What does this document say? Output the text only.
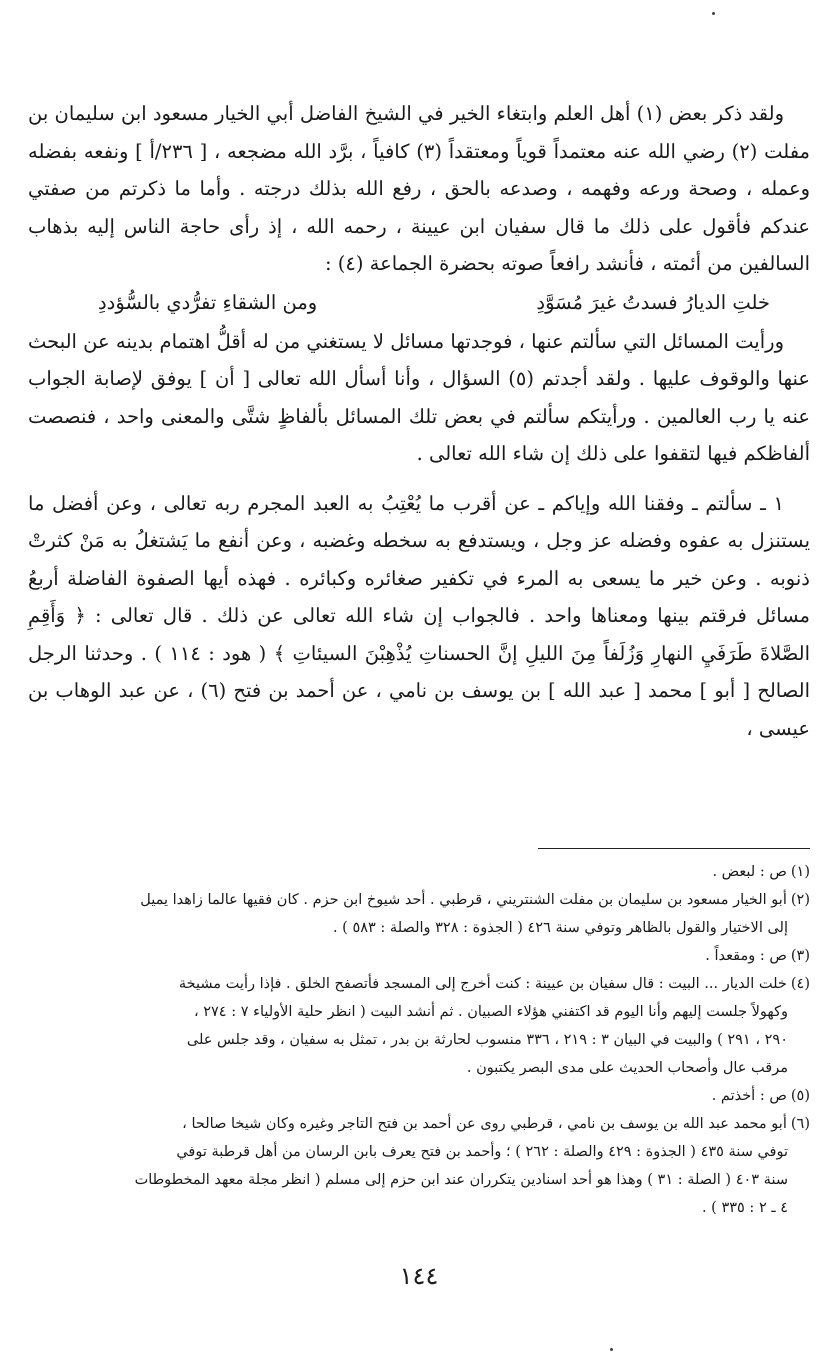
ولقد ذكر بعض (١) أهل العلم وابتغاء الخير في الشيخ الفاضل أبي الخيار مسعود ابن سليمان بن مفلت (٢) رضي الله عنه معتمداً قوياً ومعتقداً (٣) كافياً ، برَّد الله مضجعه ، [ ٢٣٦/أ ] ونفعه بفضله وعمله ، وصحة ورعه وفهمه ، وصدعه بالحق ، رفع الله بذلك درجته . وأما ما ذكرتم من صفتي عندكم فأقول على ذلك ما قال سفيان ابن عيينة ، رحمه الله ، إذ رأى حاجة الناس إليه بذهاب السالفين من أئمته ، فأنشد رافعاً صوته بحضرة الجماعة (٤) :

خلتِ الديارُ فسدتُ غيرَ مُسَوَّدِ
ومن الشقاءِ تفرُّدي بالسُّؤددِ

ورأيت المسائل التي سألتم عنها ، فوجدتها مسائل لا يستغني من له أقلُّ اهتمام بدينه عن البحث عنها والوقوف عليها . ولقد أجدتم (٥) السؤال ، وأنا أسأل الله تعالى [ أن ] يوفق لإصابة الجواب عنه يا رب العالمين . ورأيتكم سألتم في بعض تلك المسائل بألفاظٍ شتَّى والمعنى واحد ، فنصصت ألفاظكم فيها لتقفوا على ذلك إن شاء الله تعالى .

١ ـ سألتم ـ وفقنا الله وإياكم ـ عن أقرب ما يُعْتِبُ به العبد المجرم ربه تعالى ، وعن أفضل ما يستنزل به عفوه وفضله عز وجل ، ويستدفع به سخطه وغضبه ، وعن أنفع ما يَشتغلُ به مَنْ كثرتْ ذنوبه . وعن خير ما يسعى به المرء في تكفير صغائره وكبائره . فهذه أيها الصفوة الفاضلة أربعُ مسائل فرقتم بينها ومعناها واحد . فالجواب إن شاء الله تعالى عن ذلك . قال تعالى : ﴿ وَأَقِمِ الصَّلاةَ طَرَفَيِ النهارِ وَزُلَفاً مِنَ الليلِ إنَّ الحسناتِ يُذْهِبْنَ السيئاتِ ﴾ ( هود : ١١٤ ) . وحدثنا الرجل الصالح [ أبو ] محمد [ عبد الله ] بن يوسف بن نامي ، عن أحمد بن فتح (٦) ، عن عبد الوهاب بن عيسى ،

(١)ص : لبعض .
(٢)أبو الخيار مسعود بن سليمان بن مفلت الشنتريني ، قرطبي . أحد شيوخ ابن حزم . كان فقيها عالما زاهدا يميل
إلى الاختيار والقول بالظاهر وتوفي سنة ٤٢٦ ( الجذوة : ٣٢٨ والصلة : ٥٨٣ ) .
(٣)ص : ومقعداً .
(٤)خلت الديار ... البيت : قال سفيان بن عيينة : كنت أخرج إلى المسجد فأتصفح الخلق . فإذا رأيت مشيخة
وكهولاً جلست إليهم وأنا اليوم قد اكتفني هؤلاء الصبيان . ثم أنشد البيت ( انظر حلية الأولياء ٧ : ٢٧٤ ،
٢٩٠ ، ٢٩١ ) والبيت في البيان ٣ : ٢١٩ ، ٣٣٦ منسوب لحارثة بن بدر ، تمثل به سفيان ، وقد جلس على
مرقب عال وأصحاب الحديث على مدى البصر يكتبون .
(٥)ص : أخذتم .
(٦)أبو محمد عبد الله بن يوسف بن نامي ، قرطبي روى عن أحمد بن فتح التاجر وغيره وكان شيخا صالحا ،
توفي سنة ٤٣٥ ( الجذوة : ٤٢٩ والصلة : ٢٦٢ ) ؛ وأحمد بن فتح يعرف بابن الرسان من أهل قرطبة توفي
سنة ٤٠٣ ( الصلة : ٣١ ) وهذا هو أحد اسنادين يتكرران عند ابن حزم إلى مسلم ( انظر مجلة معهد المخطوطات
٤ ـ ٢ : ٣٣٥ ) .
١٤٤
